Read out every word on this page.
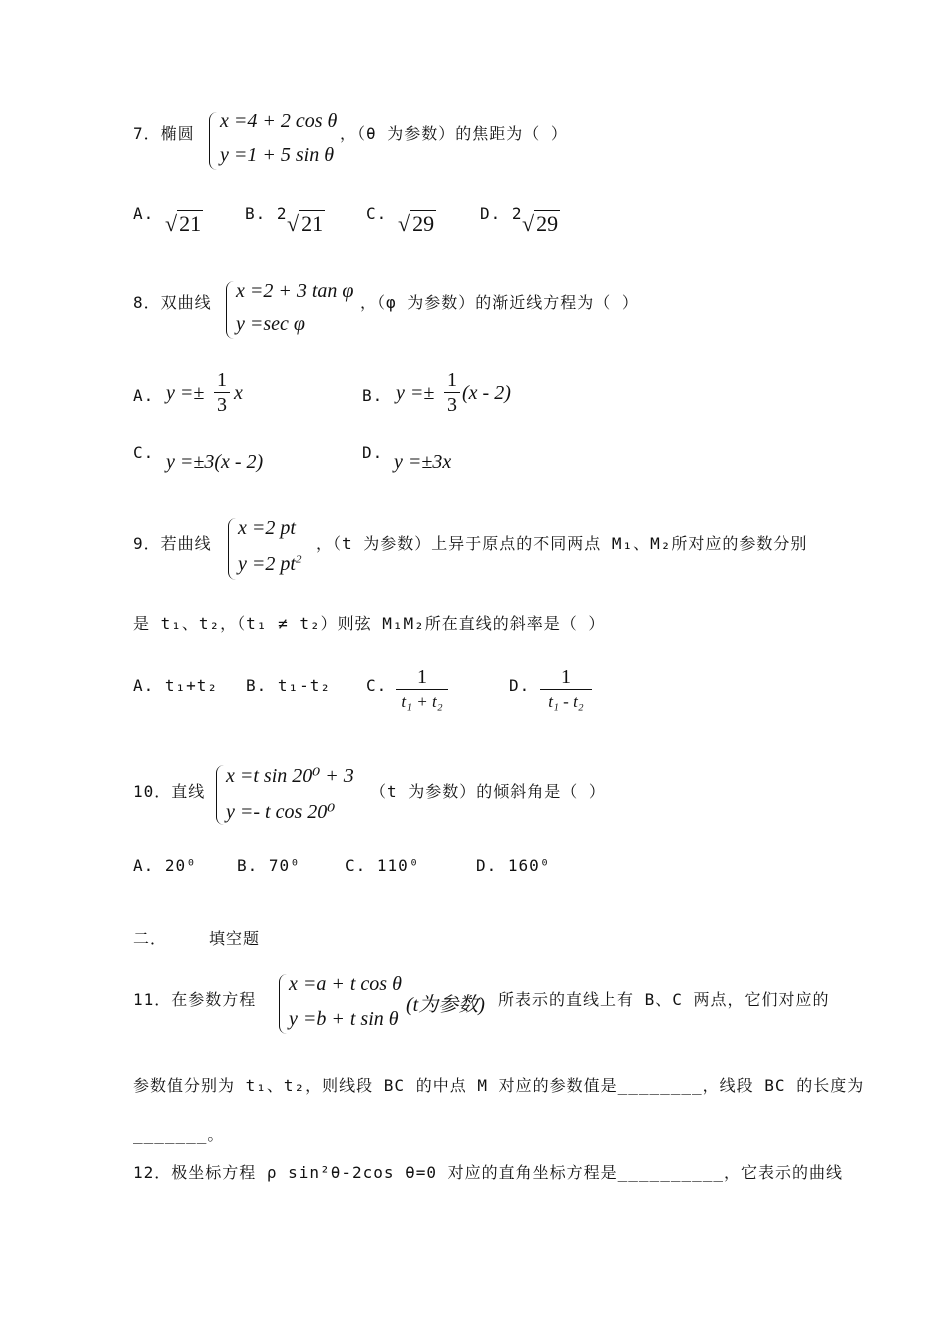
7．椭圆
x =4 + 2 cos θ
y =1 + 5 sin θ
，（θ 为参数）的焦距为（ ）
A. √21	B. 2 √21	C. √29	D. 2 √29
8．双曲线
x =2 + 3 tan φ
y =sec φ
，（φ 为参数）的渐近线方程为（ ）
A. y =±
1
3
x	B. y =±
1
3
(x - 2)
C. y =±3(x - 2)	D. y =±3x
9．若曲线
x =2 pt
y =2 $pt^2$
，（t 为参数）上异于原点的不同两点 M₁、M₂所对应的参数分别
是 t₁、t₂，（t₁ ≠ t₂）则弦 M₁M₂所在直线的斜率是（ ）
A. t₁+t₂ B. t₁-t₂ C.	1
t₁ + t₂
D.	1
t₁ - t₂
10．直线
x =t sin 20⁰ + 3
y =- t cos 20⁰
（t 为参数）的倾斜角是（ ）
A. 20⁰	B. 70⁰	C. 110⁰	D. 160⁰
二．	填空题
11．在参数方程
x =a + t cos θ
y =b + t sin θ
(t为参数) 所表示的直线上有 B、C 两点，它们对应的
参数值分别为 t₁、t₂，则线段 BC 的中点 M 对应的参数值是________，线段 BC 的长度为
_______。
12．极坐标方程 ρ sin²θ-2cos θ=0 对应的直角坐标方程是__________，它表示的曲线
